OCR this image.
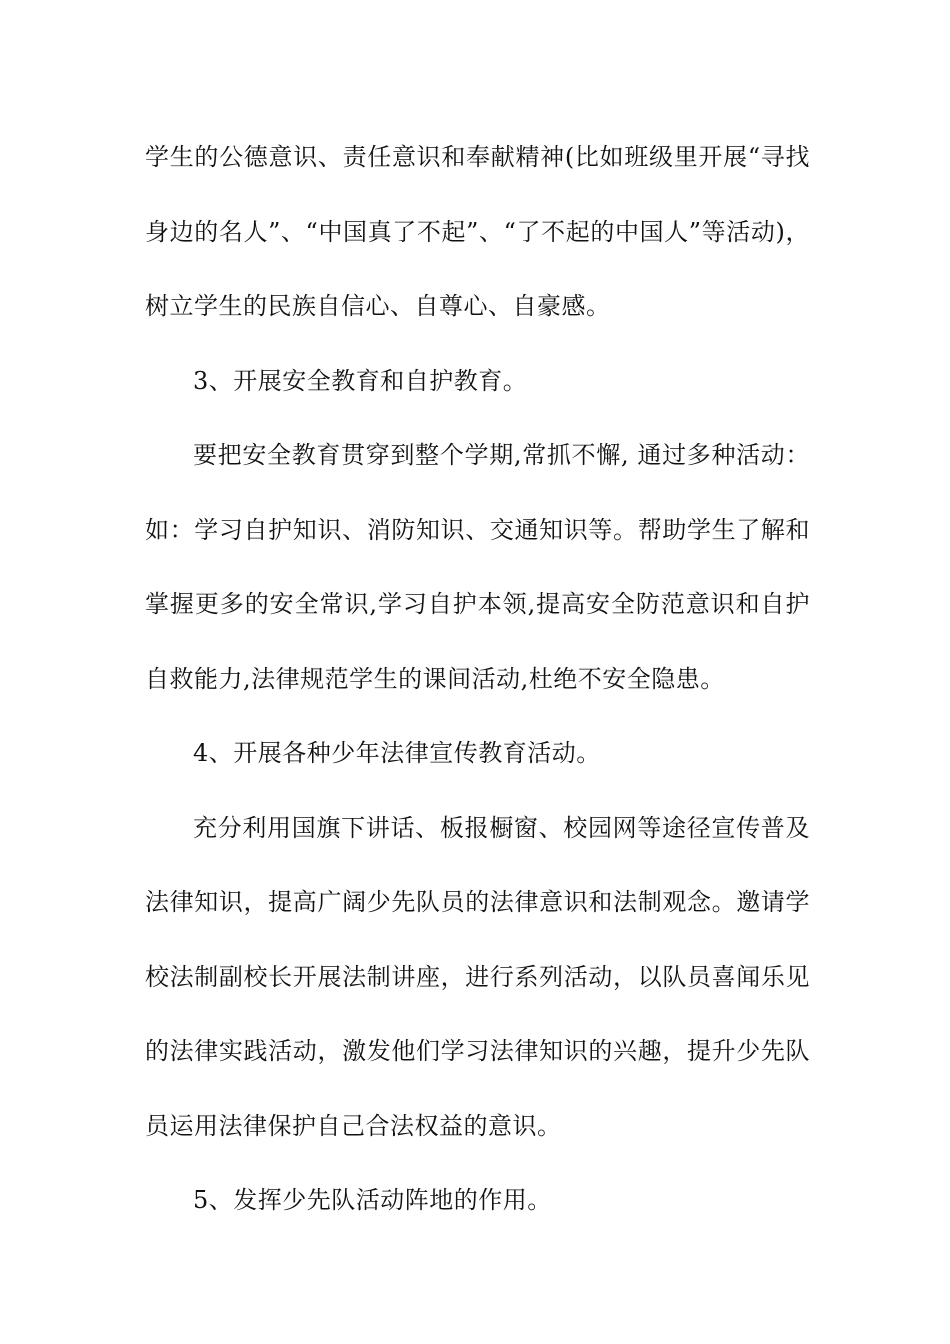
学生的公德意识、责任意识和奉献精神(比如班级里开展“寻找身边的名人”、“中国真了不起”、“了不起的中国人”等活动)，树立学生的民族自信心、自尊心、自豪感。

3、开展安全教育和自护教育。

要把安全教育贯穿到整个学期,常抓不懈, 通过多种活动：如：学习自护知识、消防知识、交通知识等。帮助学生了解和掌握更多的安全常识,学习自护本领,提高安全防范意识和自护自救能力,法律规范学生的课间活动,杜绝不安全隐患。

4、开展各种少年法律宣传教育活动。

充分利用国旗下讲话、板报橱窗、校园网等途径宣传普及法律知识，提高广阔少先队员的法律意识和法制观念。邀请学校法制副校长开展法制讲座，进行系列活动，以队员喜闻乐见的法律实践活动，激发他们学习法律知识的兴趣，提升少先队员运用法律保护自己合法权益的意识。

5、发挥少先队活动阵地的作用。
